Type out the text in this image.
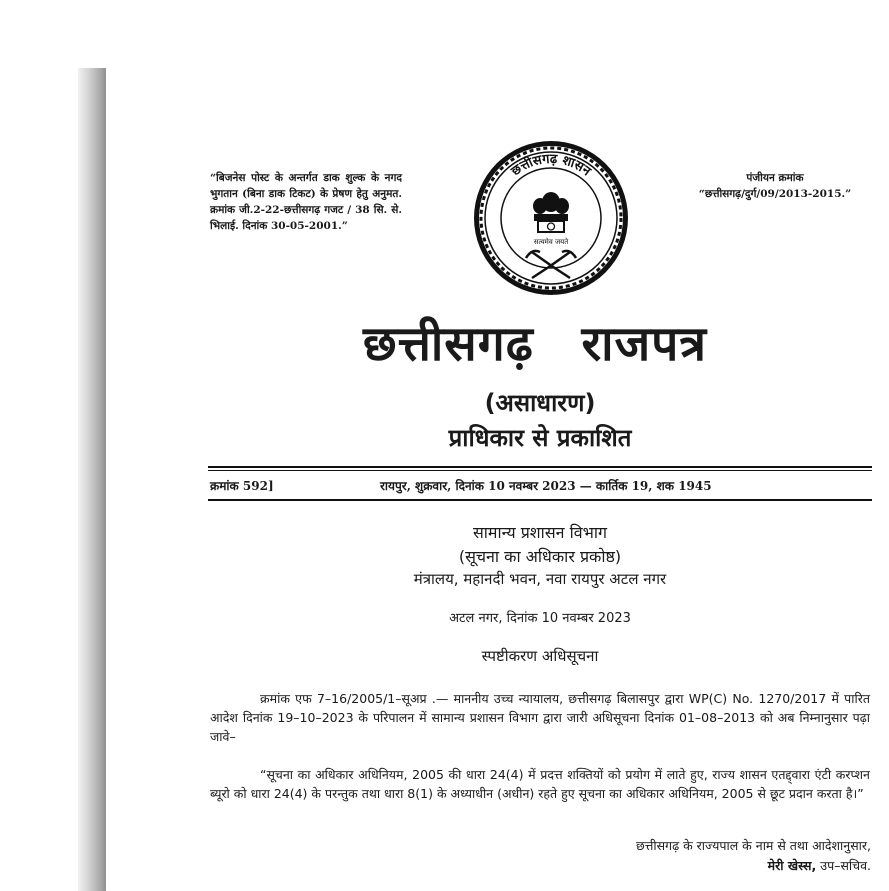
“बिजनेस पोस्ट के अन्तर्गत डाक शुल्क के नगद भुगतान (बिना डाक टिकट) के प्रेषण हेतु अनुमत. क्रमांक जी.2-22-छत्तीसगढ़ गजट / 38 सि. से. भिलाई. दिनांक 30-05-2001.”
पंजीयन क्रमांक
“छत्तीसगढ़/दुर्ग/09/2013-2015.”
छत्तीसगढ़ शासन
सत्यमेव जयते
छत्तीसगढ़ राजपत्र
(असाधारण)
प्राधिकार से प्रकाशित
क्रमांक 592]	रायपुर, शुक्रवार, दिनांक 10 नवम्बर 2023 — कार्तिक 19, शक 1945
सामान्य प्रशासन विभाग
(सूचना का अधिकार प्रकोष्ठ)
मंत्रालय, महानदी भवन, नवा रायपुर अटल नगर
अटल नगर, दिनांक 10 नवम्बर 2023
स्पष्टीकरण अधिसूचना
क्रमांक एफ 7–16/2005/1–सूअप्र .— माननीय उच्च न्यायालय, छत्तीसगढ़ बिलासपुर द्वारा WP(C) No. 1270/2017 में पारित आदेश दिनांक 19–10–2023 के परिपालन में सामान्य प्रशासन विभाग द्वारा जारी अधिसूचना दिनांक 01–08–2013 को अब निम्नानुसार पढ़ा जावे–
“सूचना का अधिकार अधिनियम, 2005 की धारा 24(4) में प्रदत्त शक्तियों को प्रयोग में लाते हुए, राज्य शासन एतद्द्वारा एंटी करप्शन ब्यूरो को धारा 24(4) के परन्तुक तथा धारा 8(1) के अध्याधीन (अधीन) रहते हुए सूचना का अधिकार अधिनियम, 2005 से छूट प्रदान करता है।”
छत्तीसगढ़ के राज्यपाल के नाम से तथा आदेशानुसार,
मेरी खेस्स, उप–सचिव.
